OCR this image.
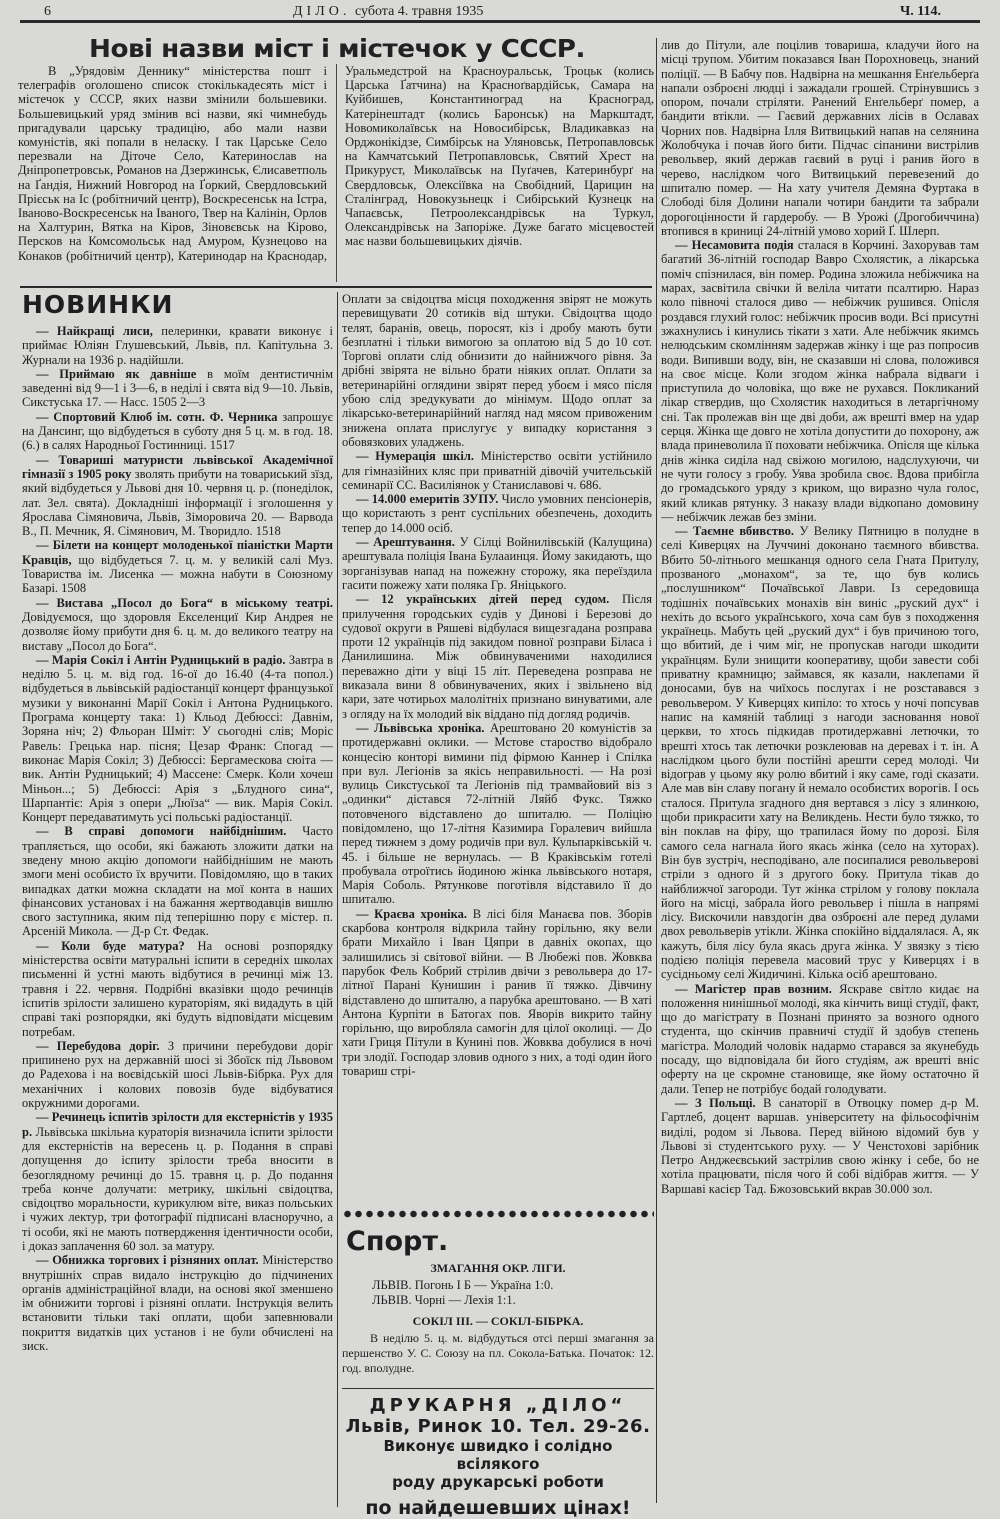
6	ДІЛО. субота 4. травня 1935	Ч. 114.
Нові назви міст і містечок у СССР.
В „Урядовім Деннику“ міністерства пошт і телеграфів оголошено список стокількадесять міст і містечок у СССР, яких назви змінили большевики. Большевицький уряд змінив всі назви, які чимнебудь пригадували царську традицію, або мали назви комуністів, які попали в неласку. І так Царське Село перезвали на Діточе Село, Катеринослав на Дніпропетровськ, Романов на Дзержинськ, Єлисаветполь на Ґандія, Нижний Новгород на Ґоркий, Свердловський Прієськ на Іс (робітничий центр), Воскресенськ на Істра, Іваново-Воскресенськ на Іваного, Твер на Калінін, Орлов на Халтурин, Вятка на Кіров, Зіновєвськ на Кірово, Персков на Комсомольськ над Амуром, Кузнецово на Конаков (робітничий центр), Катеринодар на Краснодар, Уральмедстрой на Красноуральськ, Троцьк (колись Царська Ґатчина) на Красноґвардійськ, Самара на Куйбишев, Константиноград на Красноград, Катерінештадт (колись Баронськ) на Маркштадт, Новомиколаївськ на Новосибірськ, Владикавказ на Орджонікідзе, Симбірськ на Уляновськ, Петропавловськ на Камчатський Петропавловськ, Святий Хрест на Прикуруст, Миколаївськ на Пуґачев, Катеринбурґ на Свердловськ, Олексіївка на Свобідний, Царицин на Сталінград, Новокузьнецк і Сибірський Кузнецк на Чапаєвськ, Петроолександрівськ на Туркул, Олександрівськ на Запоріже. Дуже багато місцевостей має назви большевицьких діячів.
НОВИНКИ

— Найкращі лиси, пелеринки, кравати виконує і приймає Юліян Глушевський, Львів, пл. Капітульна 3. Журнали на 1936 р. надійшли.

— Приймаю як давніше в моїм дентистичнім заведенні від 9—1 і 3—6, в неділі і свята від 9—10. Львів, Сикстуська 17. — Насс. 1505 2—3

— Спортовий Клюб ім. сотн. Ф. Черника запрошує на Дансинг, що відбудеться в суботу дня 5 ц. м. в год. 18. (6.) в салях Народньої Гостинниці. 1517

— Товариші матуристи львівської Академічної гімназії з 1905 року зволять прибути на товариський зїзд, який відбудеться у Львові дня 10. червня ц. р. (понеділок, лат. Зел. свята). Докладніші інформації і зголошення у Ярослава Сімяновича, Львів, Зіморовича 20. — Варвода В., П. Мечник, Я. Сімянович, М. Творидло. 1518

— Білети на концерт молоденької піаністки Марти Кравців, що відбудеться 7. ц. м. у великій салі Муз. Товариства ім. Лисенка — можна набути в Союзному Базарі. 1508

— Вистава „Посол до Бога“ в міському театрі. Довідуємося, що здоровля Екселенциї Кир Андрея не дозволяє йому прибути дня 6. ц. м. до великого театру на виставу „Посол до Бога“.

— Марія Сокіл і Антін Рудницький в радіо. Завтра в неділю 5. ц. м. від год. 16-ої до 16.40 (4-та попол.) відбудеться в львівській радіостанції концерт французької музики у виконанні Марії Сокіл і Антона Рудницького. Програма концерту така: 1) Кльод Дебюссі: Давнім, Зоряна ніч; 2) Фльоран Шміт: У сьогодні слів; Моріс Равель: Грецька нар. пісня; Цезар Франк: Спогад — виконає Марія Сокіл; 3) Дебюссі: Бергамескова сюіта — вик. Антін Рудницький; 4) Массене: Смерк. Коли хочеш Міньон...; 5) Дебюссі: Арія з „Блудного сина“, Шарпантіє: Арія з опери „Люїза“ — вик. Марія Сокіл. Концерт передаватимуть усі польські радіостанції.

— В справі допомоги найбіднішим. Часто трапляється, що особи, які бажають зложити датки на зведену мною акцію допомоги найбіднішим не мають змоги мені особисто їх вручити. Повідомляю, що в таких випадках датки можна складати на мої конта в наших фінансових установах і на бажання жертводавців вишлю свого заступника, яким під теперішню пору є містер. п. Арсеній Микола. — Д-р Ст. Федак.

— Коли буде матура? На основі розпорядку міністерства освіти матуральні іспити в середніх школах письменні й устні мають відбутися в речинці між 13. травня і 22. червня. Подрібні вказівки щодо речинців іспитів зрілости залишено кураторіям, які видадуть в цій справі такі розпорядки, які будуть відповідати місцевим потребам.

— Перебудова доріг. З причини перебудови доріг припинено рух на державній шосі зі Збоїск під Львовом до Радехова і на воєвідській шосі Львів-Бібрка. Рух для механічних і колових повозів буде відбуватися окружними дорогами.

— Речинець іспитів зрілости для екстерністів у 1935 р. Львівська шкільна кураторія визначила іспити зрілости для екстерністів на вересень ц. р. Подання в справі допущення до іспиту зрілости треба вносити в безоглядному речинці до 15. травня ц. р. До подання треба конче долучати: метрику, шкільні свідоцтва, свідоцтво моральности, курикулюм віте, виказ польських і чужих лектур, три фотографії підписані власноручно, а ті особи, які не мають потвердження ідентичности особи, і доказ заплачення 60 зол. за матуру.

— Обнижка торгових і різняних оплат. Міністерство внутрішніх справ видало інструкцію до підчинених органів адміністраційної влади, на основі якої зменшено ім обнижити торгові і різняні оплати. Інструкція велить встановити тільки такі оплати, щоби запевнювали покриття видатків цих установ і не були обчислені на зиск.

Оплати за свідоцтва місця походження звірят не можуть перевищувати 20 сотиків від штуки. Свідоцтва щодо телят, баранів, овець, поросят, кіз і дробу мають бути безплатні і тільки вимогою за оплатою від 5 до 10 сот. Торгові оплати слід обнизити до найнижчого рівня. За дрібні звірята не вільно брати ніяких оплат. Оплати за ветеринарійні оглядини звірят перед убоєм і мясо після убою слід зредукувати до мінімум. Щодо оплат за лікарсько-ветеринарійний нагляд над мясом привоженим знижена оплата прислугує у випадку користання з обовязкових уладжень.

— Нумерація шкіл. Міністерство освіти устійнило для гімназійних кляс при приватній дівочій учительській семинарії СС. Василіянок у Станиславові ч. 686.

— 14.000 емеритів ЗУПУ. Число умовних пенсіонерів, що користають з рент суспільних обезпечень, доходить тепер до 14.000 осіб.

— Арештування. У Сілці Войнилівській (Калущина) арештувала поліція Івана Булааинця. Йому закидають, що зорганізував напад на пожежну сторожу, яка переїздила гасити пожежу хати поляка Гр. Яніцького.

— 12 українських дітей перед судом. Після прилучення городських судів у Динові і Березові до судової округи в Ряшеві відбулася вищезгадана розправа проти 12 українців під закидом повної розправи Біласа і Данилишина. Між обвинуваченими находилися переважно діти у віці 15 літ. Переведена розправа не виказала вини 8 обвинувачених, яких і звільнено від кари, зате чотирьох малолітніх признано винуватими, але з огляду на їх молодий вік віддано під догляд родичів.

— Львівська хроніка. Арештовано 20 комуністів за протидержавні оклики. — Мстове староство відобрало концесію конторі вимини під фірмою Каннер і Спілка при вул. Легіонів за якісь неправильності. — На розі вулиць Сикстуської та Легіонів під трамвайовий віз з „одинки“ дістався 72-літній Ляйб Фукс. Тяжко потовченого відставлено до шпиталю. — Поліцію повідомлено, що 17-літня Казимира Горалевич вийшла перед тижнем з дому родичів при вул. Кульпарківській ч. 45. і більше не вернулась. — В Краківськім готелі пробувала отроїтись йодиною жінка львівського нотаря, Марія Соболь. Рятункове поготівля відставило її до шпиталю.

— Краєва хроніка. В лісі біля Манаєва пов. Зборів скарбова контроля відкрила тайну горільню, яку вели брати Михайло і Іван Цяпри в давніх окопах, що залишились зі світової війни. — В Любежі пов. Жовква парубок Фель Кобрий стрілив двічи з револьвера до 17-літної Парані Кунишин і ранив її тяжко. Дівчину відставлено до шпиталю, а парубка арештовано. — В хаті Антона Курпіти в Батогах пов. Яворів викрито тайну горільню, що виробляла самогін для цілої околиці. — До хати Гриця Пітули в Кунині пов. Жовква добулися в ночі три злодії. Господар зловив одного з них, а тоді один його товариш стрі-

лив до Пітули, але поцілив товариша, кладучи його на місці трупом. Убитим показався Іван Порохновець, знаний поліції. — В Бабчу пов. Надвірна на мешкання Енґельберґа напали озброєні людці і зажадали грошей. Стрінувшись з опором, почали стріляти. Ранений Енґельберґ помер, а бандити втікли. — Гаєвий державних лісів в Ославах Чорних пов. Надвірна Ілля Витвицький напав на селянина Жолобчука і почав його бити. Підчас сіпанини вистрілив револьвер, який держав гаєвий в руці і ранив його в черево, наслідком чого Витвицький перевезений до шпиталю помер. — На хату учителя Демяна Фуртака в Слободі біля Долини напали чотири бандити та забрали дорогоцінности й гардеробу. — В Урожі (Дрогобиччина) втопився в криниці 24-літній умово хорий Ґ. Шлерп.

— Несамовита подія сталася в Корчині. Захорував там багатий 36-літній господар Вавро Схолястик, а лікарська поміч спізнилася, він помер. Родина зложила небіжчика на марах, засвітила свічки й веліла читати псалтирю. Нараз коло півночі сталося диво — небіжчик рушився. Опісля роздався глухий голос: небіжчик просив води. Всі присутні зжахнулись і кинулись тікати з хати. Але небіжчик якимсь нелюдським скомлінням задержав жінку і ще раз попросив води. Випивши воду, він, не сказавши ні слова, положився на своє місце. Коли згодом жінка набрала відваги і приступила до чоловіка, що вже не рухався. Покликаний лікар ствердив, що Схолястик находиться в летаргічному сні. Так пролежав він ще дві доби, аж врешті вмер на удар серця. Жінка ще довго не хотіла допустити до похорону, аж влада приневолила її поховати небіжчика. Опісля ще кілька днів жінка сиділа над свіжою могилою, надслухуючи, чи не чути голосу з гробу. Уява зробила своє. Вдова прибігла до громадського уряду з криком, що виразно чула голос, який кликав рятунку. З наказу влади відкопано домовину — небіжчик лежав без зміни.

— Таємне вбивство. У Велику Пятницю в полудне в селі Киверцях на Луччині доконано таємного вбивства. Вбито 50-літнього мешканця одного села Гната Притулу, прозваного „монахом“, за те, що був колись „послушником“ Почаївської Лаври. Із середовища тодішніх почаївських монахів він виніс „руский дух“ і нехіть до всього українського, хоча сам був з походження українець. Мабуть цей „руский дух“ і був причиною того, що вбитий, де і чим міг, не пропускав нагоди шкодити українцям. Були знищити кооперативу, щоби завести собі приватну крамницю; займався, як казали, наклепами й доносами, був на чиїхось послугах і не розставався з револьвером. У Киверцях кипіло: то хтось у ночі попсував напис на камяній таблиці з нагоди засновання нової церкви, то хтось підкидав протидержавні летючки, то врешті хтось так летючки розклеював на деревах і т. ін. А наслідком цього були постійні арешти серед молоді. Чи відограв у цьому яку ролю вбитий і яку саме, годі сказати. Але мав він славу погану й немало особистих ворогів. І ось сталося. Притула згадного дня вертався з лісу з ялинкою, щоби прикрасити хату на Великдень. Нести було тяжко, то він поклав на фіру, що трапилася йому по дорозі. Біля самого села нагнала його якась жінка (село на хуторах). Він був зустріч, несподівано, але посипалися револьверові стріли з одного й з другого боку. Притула тікав до найближчої загороди. Тут жінка стрілом у голову поклала його на місці, забрала його револьвер і пішла в напрямі лісу. Вискочили навздогін два озброєні але перед дулами двох револьверів утікли. Жінка спокійно віддалялася. А, як кажуть, біля лісу була якась друга жінка. У звязку з тією подією поліція перевела масовий трус у Киверцях і в сусідньому селі Жидичині. Кілька осіб арештовано.

— Магістер прав возним. Яскраве світло кидає на положення нинішньої молоді, яка кінчить вищі студії, факт, що до магістрату в Познані принято за возного одного студента, що скінчив правничі студії й здобув степень магістра. Молодий чоловік надармо старався за якунебудь посаду, що відповідала би його студіям, аж врешті вніс оферту на це скромне становище, яке йому остаточно й дали. Тепер не потрібує бодай голодувати.

— З Польщі. В санаторії в Отвоцку помер д-р М. Гартлеб, доцент варшав. університету на фільософічнім виділі, родом зі Львова. Перед війною відомий був у Львові зі студентського руху. — У Ченстохові зарібник Петро Анджеєвський застрілив свою жінку і себе, бо не хотіла працювати, після чого й собі відібрав життя. — У Варшаві касієр Тад. Бжозовський вкрав 30.000 зол.

Спорт.
ЗМАГАННЯ ОКР. ЛІГИ.
ЛЬВІВ. Погонь І Б — Україна 1:0.
ЛЬВІВ. Чорні — Лехія 1:1.
СОКІЛ III. — СОКІЛ-БІБРКА.
В неділю 5. ц. м. відбудуться отсі перші змагання за першенство У. С. Союзу на пл. Сокола-Батька. Початок: 12. год. вполудне.
ДРУКАРНЯ „ДІЛО“
Львів, Ринок 10. Тел. 29-26.
Виконує швидко і солідно всілякого
роду друкарські роботи
по найдешевших цінах!
